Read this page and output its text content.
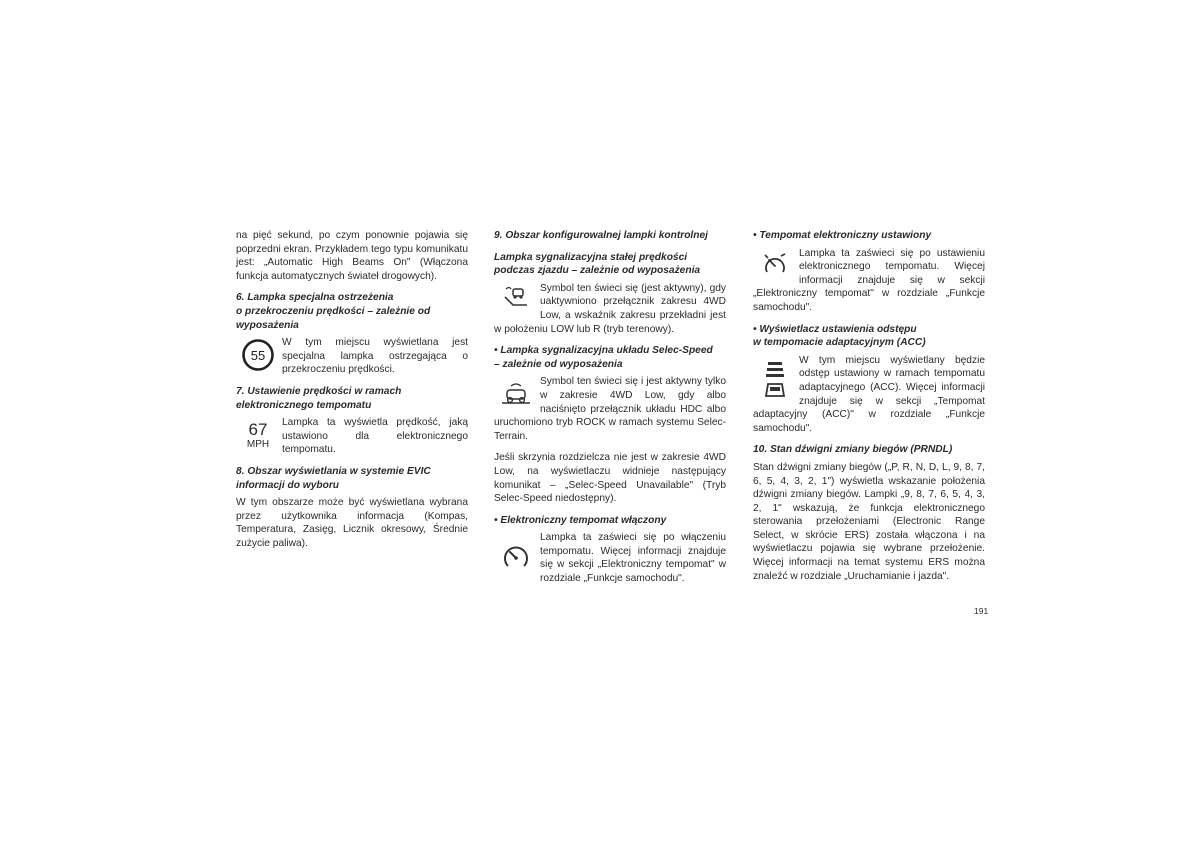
na pięć sekund, po czym ponownie pojawia się poprzedni ekran. Przykładem tego typu komunikatu jest: „Automatic High Beams On" (Włączona funkcja automatycznych świateł drogowych).

6. Lampka specjalna ostrzeżenia
o przekroczeniu prędkości – zależnie od
wyposażenia
55
W tym miejscu wyświetlana jest specjalna lampka ostrzegająca o przekroczeniu prędkości.
7. Ustawienie prędkości w ramach
elektronicznego tempomatu
67
MPH
Lampka ta wyświetla prędkość, jaką ustawiono dla elektronicznego tempomatu.
8. Obszar wyświetlania w systemie EVIC
informacji do wyboru

W tym obszarze może być wyświetlana wybrana przez użytkownika informacja (Kompas, Temperatura, Zasięg, Licznik okresowy, Średnie zużycie paliwa).

9. Obszar konfigurowalnej lampki kontrolnej
Lampka sygnalizacyjna stałej prędkości
podczas zjazdu – zależnie od wyposażenia
Symbol ten świeci się (jest aktywny), gdy uaktywniono przełącznik zakresu 4WD Low, a wskaźnik zakresu przekładni jest w położeniu LOW lub R (tryb terenowy).
• Lampka sygnalizacyjna układu Selec-Speed
– zależnie od wyposażenia
Symbol ten świeci się i jest aktywny tylko w zakresie 4WD Low, gdy albo naciśnięto przełącznik układu HDC albo uruchomiono tryb ROCK w ramach systemu Selec-Terrain.

Jeśli skrzynia rozdzielcza nie jest w zakresie 4WD Low, na wyświetlaczu widnieje następujący komunikat – „Selec-Speed Unavailable" (Tryb Selec-Speed niedostępny).

• Elektroniczny tempomat włączony
Lampka ta zaświeci się po włączeniu tempomatu. Więcej informacji znajduje się w sekcji „Elektroniczny tempomat" w rozdziale „Funkcje samochodu".
• Tempomat elektroniczny ustawiony
Lampka ta zaświeci się po ustawieniu elektronicznego tempomatu. Więcej informacji znajduje się w sekcji „Elektroniczny tempomat" w rozdziale „Funkcje samochodu".
• Wyświetlacz ustawienia odstępu
w tempomacie adaptacyjnym (ACC)
W tym miejscu wyświetlany będzie odstęp ustawiony w ramach tempomatu adaptacyjnego (ACC). Więcej informacji znajduje się w sekcji „Tempomat adaptacyjny (ACC)" w rozdziale „Funkcje samochodu".
10. Stan dźwigni zmiany biegów (PRNDL)

Stan dźwigni zmiany biegów („P, R, N, D, L, 9, 8, 7, 6, 5, 4, 3, 2, 1") wyświetla wskazanie położenia dźwigni zmiany biegów. Lampki „9, 8, 7, 6, 5, 4, 3, 2, 1" wskazują, że funkcja elektronicznego sterowania przełożeniami (Electronic Range Select, w skrócie ERS) została włączona i na wyświetlaczu pojawia się wybrane przełożenie. Więcej informacji na temat systemu ERS można znaleźć w rozdziale „Uruchamianie i jazda".

191
